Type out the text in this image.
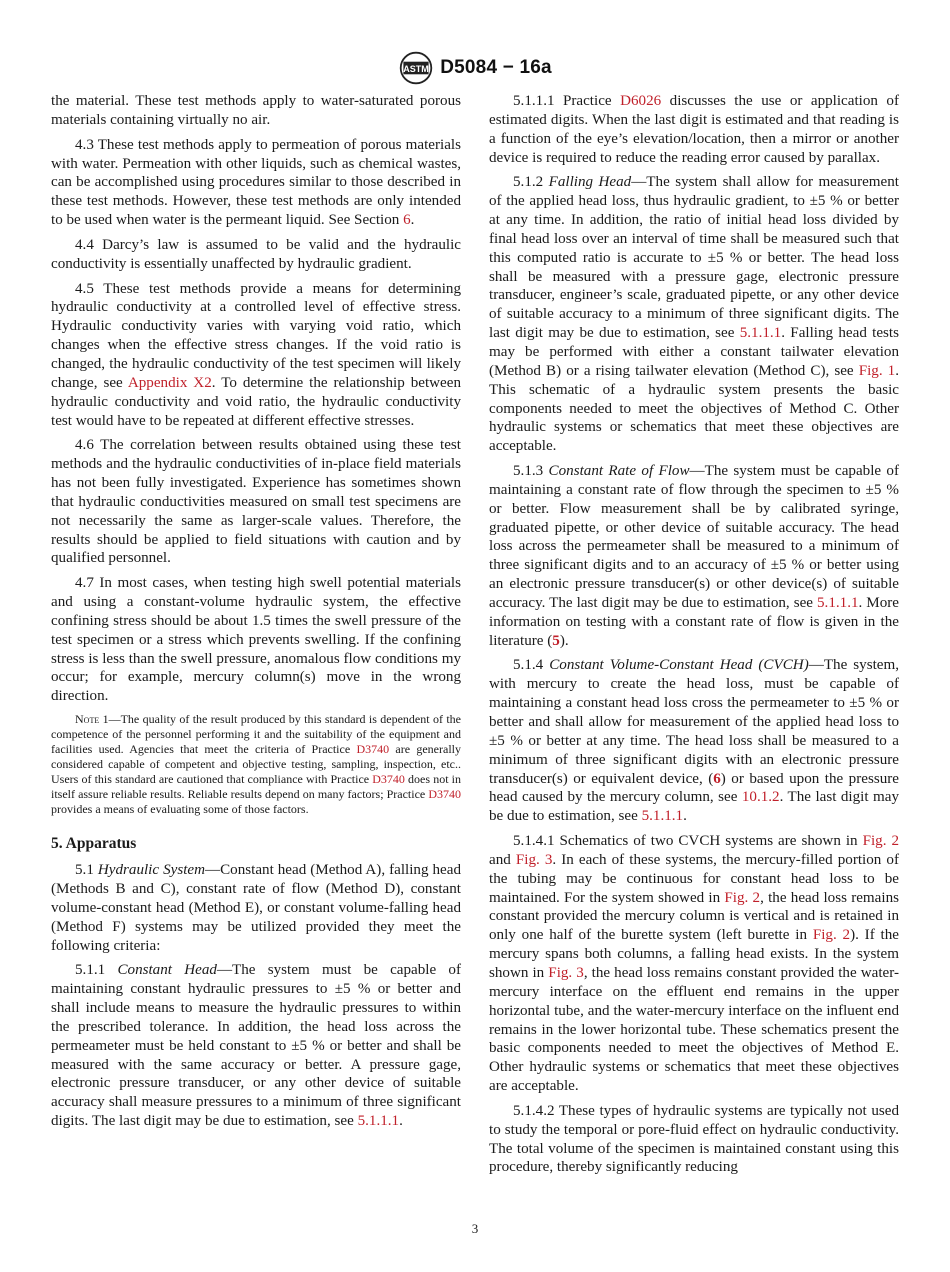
ASTM D5084 − 16a

the material. These test methods apply to water-saturated porous materials containing virtually no air.

4.3 These test methods apply to permeation of porous materials with water. Permeation with other liquids, such as chemical wastes, can be accomplished using procedures similar to those described in these test methods. However, these test methods are only intended to be used when water is the permeant liquid. See Section 6.

4.4 Darcy’s law is assumed to be valid and the hydraulic conductivity is essentially unaffected by hydraulic gradient.

4.5 These test methods provide a means for determining hydraulic conductivity at a controlled level of effective stress. Hydraulic conductivity varies with varying void ratio, which changes when the effective stress changes. If the void ratio is changed, the hydraulic conductivity of the test specimen will likely change, see Appendix X2. To determine the relationship between hydraulic conductivity and void ratio, the hydraulic conductivity test would have to be repeated at different effective stresses.

4.6 The correlation between results obtained using these test methods and the hydraulic conductivities of in-place field materials has not been fully investigated. Experience has sometimes shown that hydraulic conductivities measured on small test specimens are not necessarily the same as larger-scale values. Therefore, the results should be applied to field situations with caution and by qualified personnel.

4.7 In most cases, when testing high swell potential materials and using a constant-volume hydraulic system, the effective confining stress should be about 1.5 times the swell pressure of the test specimen or a stress which prevents swelling. If the confining stress is less than the swell pressure, anomalous flow conditions my occur; for example, mercury column(s) move in the wrong direction.

Note 1—The quality of the result produced by this standard is dependent of the competence of the personnel performing it and the suitability of the equipment and facilities used. Agencies that meet the criteria of Practice D3740 are generally considered capable of competent and objective testing, sampling, inspection, etc.. Users of this standard are cautioned that compliance with Practice D3740 does not in itself assure reliable results. Reliable results depend on many factors; Practice D3740 provides a means of evaluating some of those factors.
5. Apparatus

5.1 Hydraulic System—Constant head (Method A), falling head (Methods B and C), constant rate of flow (Method D), constant volume-constant head (Method E), or constant volume-falling head (Method F) systems may be utilized provided they meet the following criteria:

5.1.1 Constant Head—The system must be capable of maintaining constant hydraulic pressures to ±5 % or better and shall include means to measure the hydraulic pressures to within the prescribed tolerance. In addition, the head loss across the permeameter must be held constant to ±5 % or better and shall be measured with the same accuracy or better. A pressure gage, electronic pressure transducer, or any other device of suitable accuracy shall measure pressures to a minimum of three significant digits. The last digit may be due to estimation, see 5.1.1.1.

5.1.1.1 Practice D6026 discusses the use or application of estimated digits. When the last digit is estimated and that reading is a function of the eye’s elevation/location, then a mirror or another device is required to reduce the reading error caused by parallax.

5.1.2 Falling Head—The system shall allow for measurement of the applied head loss, thus hydraulic gradient, to ±5 % or better at any time. In addition, the ratio of initial head loss divided by final head loss over an interval of time shall be measured such that this computed ratio is accurate to ±5 % or better. The head loss shall be measured with a pressure gage, electronic pressure transducer, engineer’s scale, graduated pipette, or any other device of suitable accuracy to a minimum of three significant digits. The last digit may be due to estimation, see 5.1.1.1. Falling head tests may be performed with either a constant tailwater elevation (Method B) or a rising tailwater elevation (Method C), see Fig. 1. This schematic of a hydraulic system presents the basic components needed to meet the objectives of Method C. Other hydraulic systems or schematics that meet these objectives are acceptable.

5.1.3 Constant Rate of Flow—The system must be capable of maintaining a constant rate of flow through the specimen to ±5 % or better. Flow measurement shall be by calibrated syringe, graduated pipette, or other device of suitable accuracy. The head loss across the permeameter shall be measured to a minimum of three significant digits and to an accuracy of ±5 % or better using an electronic pressure transducer(s) or other device(s) of suitable accuracy. The last digit may be due to estimation, see 5.1.1.1. More information on testing with a constant rate of flow is given in the literature (5).

5.1.4 Constant Volume-Constant Head (CVCH)—The system, with mercury to create the head loss, must be capable of maintaining a constant head loss cross the permeameter to ±5 % or better and shall allow for measurement of the applied head loss to ±5 % or better at any time. The head loss shall be measured to a minimum of three significant digits with an electronic pressure transducer(s) or equivalent device, (6) or based upon the pressure head caused by the mercury column, see 10.1.2. The last digit may be due to estimation, see 5.1.1.1.

5.1.4.1 Schematics of two CVCH systems are shown in Fig. 2 and Fig. 3. In each of these systems, the mercury-filled portion of the tubing may be continuous for constant head loss to be maintained. For the system showed in Fig. 2, the head loss remains constant provided the mercury column is vertical and is retained in only one half of the burette system (left burette in Fig. 2). If the mercury spans both columns, a falling head exists. In the system shown in Fig. 3, the head loss remains constant provided the water-mercury interface on the effluent end remains in the upper horizontal tube, and the water-mercury interface on the influent end remains in the lower horizontal tube. These schematics present the basic components needed to meet the objectives of Method E. Other hydraulic systems or schematics that meet these objectives are acceptable.

5.1.4.2 These types of hydraulic systems are typically not used to study the temporal or pore-fluid effect on hydraulic conductivity. The total volume of the specimen is maintained constant using this procedure, thereby significantly reducing

3
